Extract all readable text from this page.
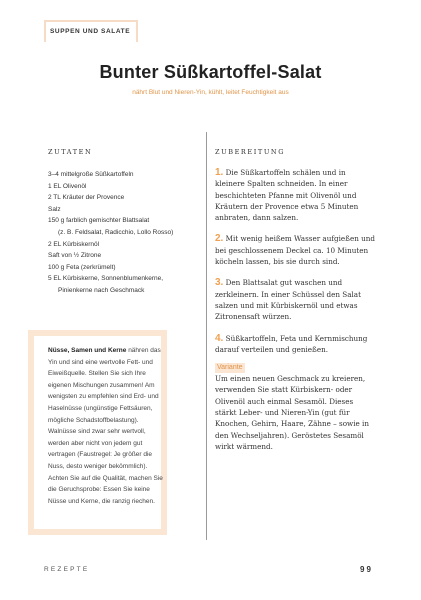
SUPPEN UND SALATE
Bunter Süßkartoffel-Salat
nährt Blut und Nieren-Yin, kühlt, leitet Feuchtigkeit aus
ZUTATEN	ZUBEREITUNG
3–4 mittelgroße Süßkartoffeln
1 EL Olivenöl
2 TL Kräuter der Provence
Salz
150 g farblich gemischter Blattsalat
(z. B. Feldsalat, Radicchio, Lollo Rosso)
2 EL Kürbiskernöl
Saft von ½ Zitrone
100 g Feta (zerkrümelt)
5 EL Kürbiskerne, Sonnenblumenkerne,
Pinienkerne nach Geschmack

Nüsse, Samen und Kerne nähren das Yin und sind eine wertvolle Fett- und Eiweißquelle. Stellen Sie sich Ihre eigenen Mischungen zusammen! Am wenigsten zu empfehlen sind Erd- und Haselnüsse (ungünstige Fettsäuren, mögliche Schadstoffbelastung). Walnüsse sind zwar sehr wertvoll, werden aber nicht von jedem gut vertragen (Faustregel: Je größer die Nuss, desto weniger bekömmlich). Achten Sie auf die Qualität, machen Sie die Geruchsprobe: Essen Sie keine Nüsse und Kerne, die ranzig riechen.

1. Die Süßkartoffeln schälen und in kleinere Spalten schneiden. In einer beschichteten Pfanne mit Olivenöl und Kräutern der Provence etwa 5 Minuten anbraten, dann salzen.

2. Mit wenig heißem Wasser aufgießen und bei geschlossenem Deckel ca. 10 Minuten köcheln lassen, bis sie durch sind.

3. Den Blattsalat gut waschen und zerkleinern. In einer Schüssel den Salat salzen und mit Kürbiskernöl und etwas Zitronensaft würzen.

4. Süßkartoffeln, Feta und Kernmischung darauf verteilen und genießen.

Variante
Um einen neuen Geschmack zu kreieren, verwenden Sie statt Kürbiskern- oder Olivenöl auch einmal Sesamöl. Dieses stärkt Leber- und Nieren-Yin (gut für Knochen, Gehirn, Haare, Zähne – sowie in den Wechseljahren). Geröstetes Sesamöl wirkt wärmend.
REZEPTE	99
